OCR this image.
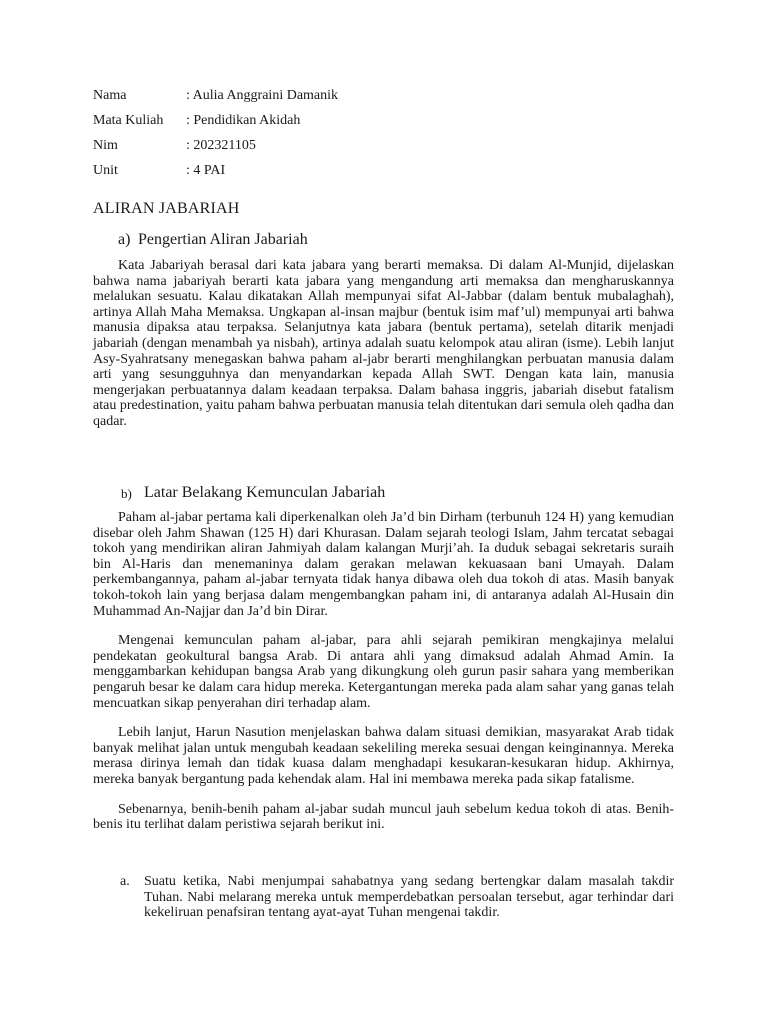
Nama	: Aulia Anggraini Damanik
Mata Kuliah	: Pendidikan Akidah
Nim	: 202321105
Unit	: 4 PAI
ALIRAN JABARIAH
a) Pengertian Aliran Jabariah

Kata Jabariyah berasal dari kata jabara yang berarti memaksa. Di dalam Al-Munjid, dijelaskan bahwa nama jabariyah berarti kata jabara yang mengandung arti memaksa dan mengharuskannya melalukan sesuatu. Kalau dikatakan Allah mempunyai sifat Al-Jabbar (dalam bentuk mubalaghah), artinya Allah Maha Memaksa. Ungkapan al-insan majbur (bentuk isim maf’ul) mempunyai arti bahwa manusia dipaksa atau terpaksa. Selanjutnya kata jabara (bentuk pertama), setelah ditarik menjadi jabariah (dengan menambah ya nisbah), artinya adalah suatu kelompok atau aliran (isme). Lebih lanjut Asy-Syahratsany menegaskan bahwa paham al-jabr berarti menghilangkan perbuatan manusia dalam arti yang sesungguhnya dan menyandarkan kepada Allah SWT. Dengan kata lain, manusia mengerjakan perbuatannya dalam keadaan terpaksa. Dalam bahasa inggris, jabariah disebut fatalism atau predestination, yaitu paham bahwa perbuatan manusia telah ditentukan dari semula oleh qadha dan qadar.

b) Latar Belakang Kemunculan Jabariah

Paham al-jabar pertama kali diperkenalkan oleh Ja’d bin Dirham (terbunuh 124 H) yang kemudian disebar oleh Jahm Shawan (125 H) dari Khurasan. Dalam sejarah teologi Islam, Jahm tercatat sebagai tokoh yang mendirikan aliran Jahmiyah dalam kalangan Murji’ah. Ia duduk sebagai sekretaris suraih bin Al-Haris dan menemaninya dalam gerakan melawan kekuasaan bani Umayah. Dalam perkembangannya, paham al-jabar ternyata tidak hanya dibawa oleh dua tokoh di atas. Masih banyak tokoh-tokoh lain yang berjasa dalam mengembangkan paham ini, di antaranya adalah Al-Husain din Muhammad An-Najjar dan Ja’d bin Dirar.

Mengenai kemunculan paham al-jabar, para ahli sejarah pemikiran mengkajinya melalui pendekatan geokultural bangsa Arab. Di antara ahli yang dimaksud adalah Ahmad Amin. Ia menggambarkan kehidupan bangsa Arab yang dikungkung oleh gurun pasir sahara yang memberikan pengaruh besar ke dalam cara hidup mereka. Ketergantungan mereka pada alam sahar yang ganas telah mencuatkan sikap penyerahan diri terhadap alam.

Lebih lanjut, Harun Nasution menjelaskan bahwa dalam situasi demikian, masyarakat Arab tidak banyak melihat jalan untuk mengubah keadaan sekeliling mereka sesuai dengan keinginannya. Mereka merasa dirinya lemah dan tidak kuasa dalam menghadapi kesukaran-kesukaran hidup. Akhirnya, mereka banyak bergantung pada kehendak alam. Hal ini membawa mereka pada sikap fatalisme.

Sebenarnya, benih-benih paham al-jabar sudah muncul jauh sebelum kedua tokoh di atas. Benih-benis itu terlihat dalam peristiwa sejarah berikut ini.

a.	Suatu ketika, Nabi menjumpai sahabatnya yang sedang bertengkar dalam masalah takdir Tuhan. Nabi melarang mereka untuk memperdebatkan persoalan tersebut, agar terhindar dari kekeliruan penafsiran tentang ayat-ayat Tuhan mengenai takdir.
